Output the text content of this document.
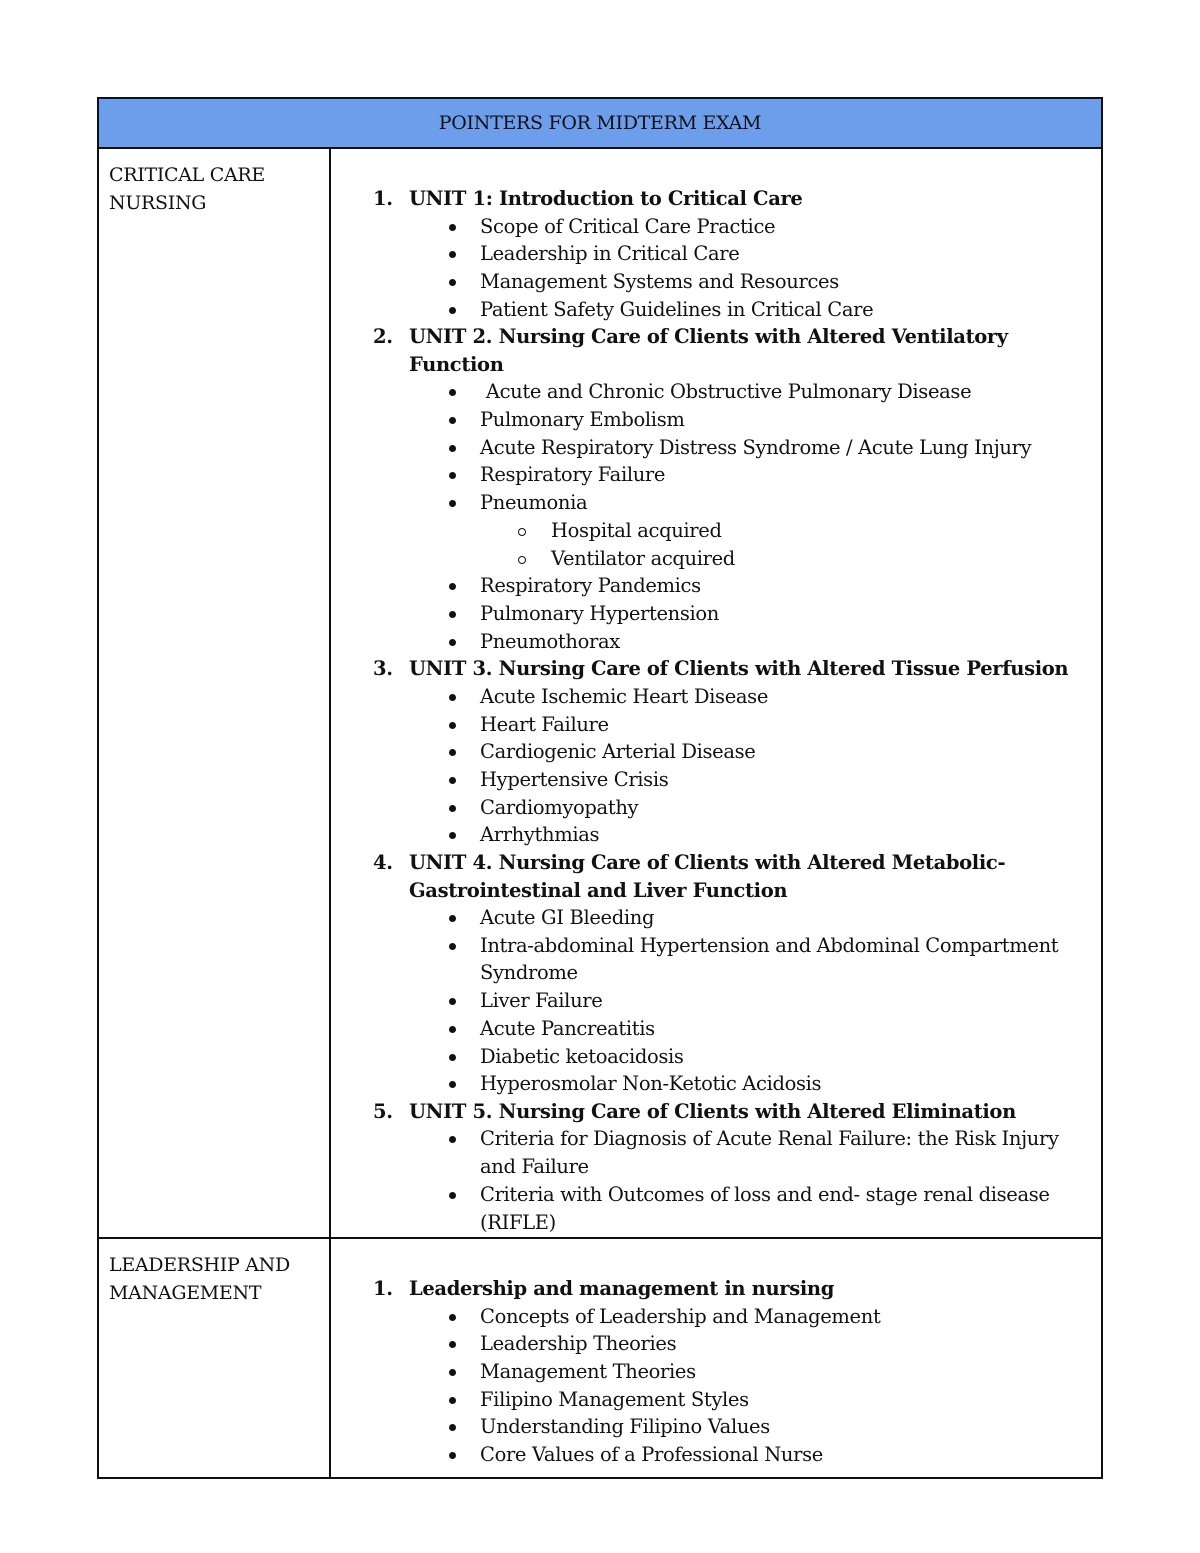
POINTERS FOR MIDTERM EXAM
CRITICAL CARE
NURSING	1. UNIT 1: Introduction to Critical Care
Scope of Critical Care Practice
Leadership in Critical Care
Management Systems and Resources
Patient Safety Guidelines in Critical Care
2. UNIT 2. Nursing Care of Clients with Altered Ventilatory Function
Acute and Chronic Obstructive Pulmonary Disease
Pulmonary Embolism
Acute Respiratory Distress Syndrome / Acute Lung Injury
Respiratory Failure
Pneumonia
Hospital acquired
Ventilator acquired
Respiratory Pandemics
Pulmonary Hypertension
Pneumothorax
3. UNIT 3. Nursing Care of Clients with Altered Tissue Perfusion
Acute Ischemic Heart Disease
Heart Failure
Cardiogenic Arterial Disease
Hypertensive Crisis
Cardiomyopathy
Arrhythmias
4. UNIT 4. Nursing Care of Clients with Altered Metabolic-Gastrointestinal and Liver Function
Acute GI Bleeding
Intra-abdominal Hypertension and Abdominal Compartment Syndrome
Liver Failure
Acute Pancreatitis
Diabetic ketoacidosis
Hyperosmolar Non-Ketotic Acidosis
5. UNIT 5. Nursing Care of Clients with Altered Elimination
Criteria for Diagnosis of Acute Renal Failure: the Risk Injury and Failure
Criteria with Outcomes of loss and end- stage renal disease (RIFLE)
LEADERSHIP AND
MANAGEMENT	1. Leadership and management in nursing
Concepts of Leadership and Management
Leadership Theories
Management Theories
Filipino Management Styles
Understanding Filipino Values
Core Values of a Professional Nurse
